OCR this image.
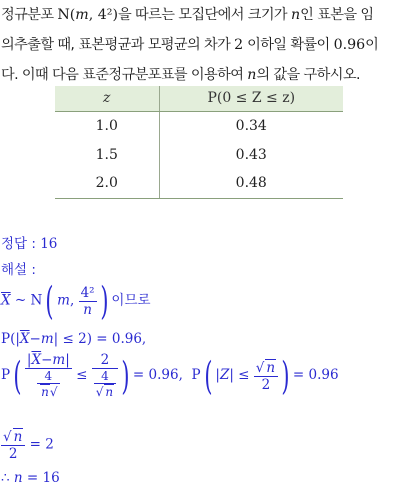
정규분포 N(m, 4²)을 따르는 모집단에서 크기가 n인 표본을 임

의추출할 때, 표본평균과 모평균의 차가 2 이하일 확률이 0.96이

다. 이때 다음 표준정규분포표를 이용하여 n의 값을 구하시오.

z	P(0 ≤ Z ≤ z)
1.0	0.34
1.5	0.43
2.0	0.48
정답 : 16
해설 :
$\overline{X}$ ~ N( m, $\frac{\text{4²}}{n}$ ) 이므로
$P(|\overline{X}-m| \le 2) = 0.96$,
$P( \frac{|\overline{X}-m|}{\frac{4}{n√}} \le \frac{2}{\frac{4}{√ n}}$ ) = 0.96,  P( $|Z| \le \frac{√ n}{2}$ ) = 0.96
$\frac{√ n}{2} = 2$
∴ n = 16
